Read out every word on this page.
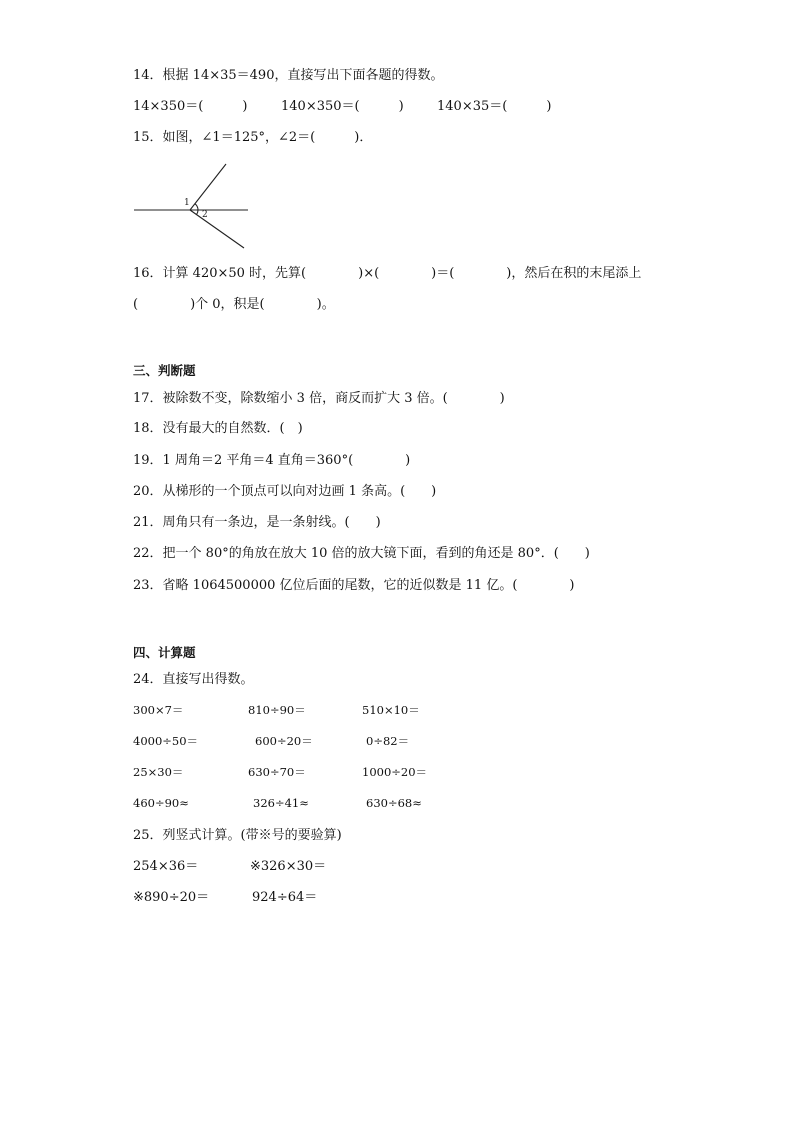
14．根据 14×35＝490，直接写出下面各题的得数。
14×350＝(　　　)	140×350＝(　　　)	140×35＝(　　　)
15．如图，∠1＝125°，∠2＝(　　　)．
1
2
16．计算 420×50 时，先算(　　　　)×(　　　　)＝(　　　　)，然后在积的末尾添上
(　　　　)个 0，积是(　　　　)。
三、判断题
17．被除数不变，除数缩小 3 倍，商反而扩大 3 倍。(　　　　)
18．没有最大的自然数．(　)
19．1 周角＝2 平角＝4 直角＝360°(　　　　)
20．从梯形的一个顶点可以向对边画 1 条高。(　　)
21．周角只有一条边，是一条射线。(　　)
22．把一个 80°的角放在放大 10 倍的放大镜下面，看到的角还是 80°．(　　)
23．省略 1064500000 亿位后面的尾数，它的近似数是 11 亿。(　　　　)
四、计算题
24．直接写出得数。
300×7＝	810÷90＝	510×10＝
4000÷50＝	600÷20＝	0÷82＝
25×30＝	630÷70＝	1000÷20＝
460÷90≈	326÷41≈	630÷68≈
25．列竖式计算。(带※号的要验算)
254×36＝	※326×30＝
※890÷20＝	924÷64＝
